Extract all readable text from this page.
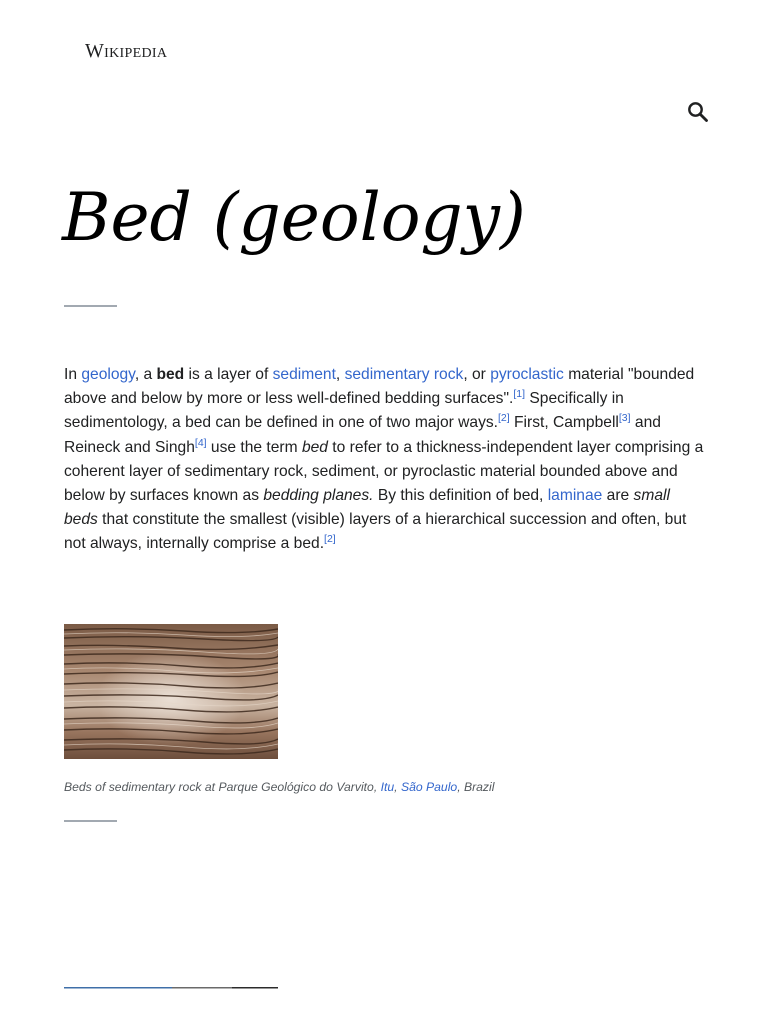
Wikipedia
Bed (geology)

In geology, a bed is a layer of sediment, sedimentary rock, or pyroclastic material "bounded above and below by more or less well-defined bedding surfaces".[1] Specifically in sedimentology, a bed can be defined in one of two major ways.[2] First, Campbell[3] and Reineck and Singh[4] use the term bed to refer to a thickness-independent layer comprising a coherent layer of sedimentary rock, sediment, or pyroclastic material bounded above and below by surfaces known as bedding planes. By this definition of bed, laminae are small beds that constitute the smallest (visible) layers of a hierarchical succession and often, but not always, internally comprise a bed.[2]

Beds of sedimentary rock at Parque Geológico do Varvito, Itu, São Paulo, Brazil
